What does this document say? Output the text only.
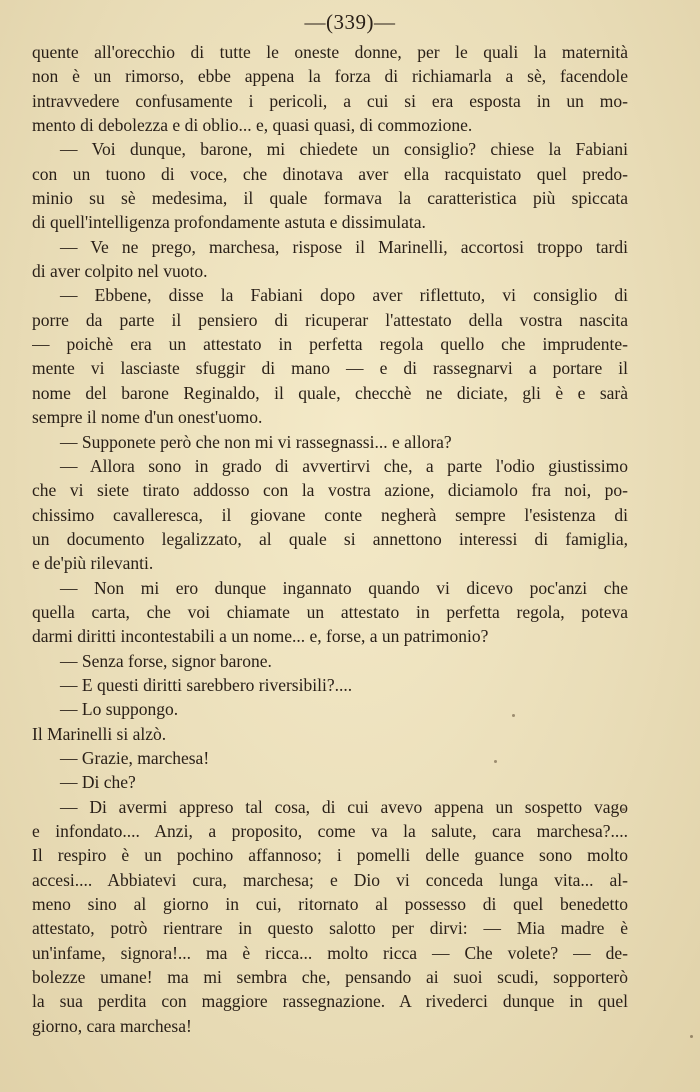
—(339)—
quente all'orecchio di tutte le oneste donne, per le quali la maternità
non è un rimorso, ebbe appena la forza di richiamarla a sè, facendole
intravvedere confusamente i pericoli, a cui si era esposta in un mo-
mento di debolezza e di oblio... e, quasi quasi, di commozione.
— Voi dunque, barone, mi chiedete un consiglio? chiese la Fabiani
con un tuono di voce, che dinotava aver ella racquistato quel predo-
minio su sè medesima, il quale formava la caratteristica più spiccata
di quell'intelligenza profondamente astuta e dissimulata.
— Ve ne prego, marchesa, rispose il Marinelli, accortosi troppo tardi
di aver colpito nel vuoto.
— Ebbene, disse la Fabiani dopo aver riflettuto, vi consiglio di
porre da parte il pensiero di ricuperar l'attestato della vostra nascita
— poichè era un attestato in perfetta regola quello che imprudente-
mente vi lasciaste sfuggir di mano — e di rassegnarvi a portare il
nome del barone Reginaldo, il quale, checchè ne diciate, gli è e sarà
sempre il nome d'un onest'uomo.
— Supponete però che non mi vi rassegnassi... e allora?
— Allora sono in grado di avvertirvi che, a parte l'odio giustissimo
che vi siete tirato addosso con la vostra azione, diciamolo fra noi, po-
chissimo cavalleresca, il giovane conte negherà sempre l'esistenza di
un documento legalizzato, al quale si annettono interessi di famiglia,
e de'più rilevanti.
— Non mi ero dunque ingannato quando vi dicevo poc'anzi che
quella carta, che voi chiamate un attestato in perfetta regola, poteva
darmi diritti incontestabili a un nome... e, forse, a un patrimonio?
— Senza forse, signor barone.
— E questi diritti sarebbero riversibili?....
— Lo suppongo.
Il Marinelli si alzò.
— Grazie, marchesa!
— Di che?
— Di avermi appreso tal cosa, di cui avevo appena un sospetto vago
e infondato.... Anzi, a proposito, come va la salute, cara marchesa?....
Il respiro è un pochino affannoso; i pomelli delle guance sono molto
accesi.... Abbiatevi cura, marchesa; e Dio vi conceda lunga vita... al-
meno sino al giorno in cui, ritornato al possesso di quel benedetto
attestato, potrò rientrare in questo salotto per dirvi: — Mia madre è
un'infame, signora!... ma è ricca... molto ricca — Che volete? — de-
bolezze umane! ma mi sembra che, pensando ai suoi scudi, sopporterò
la sua perdita con maggiore rassegnazione. A rivederci dunque in quel
giorno, cara marchesa!
